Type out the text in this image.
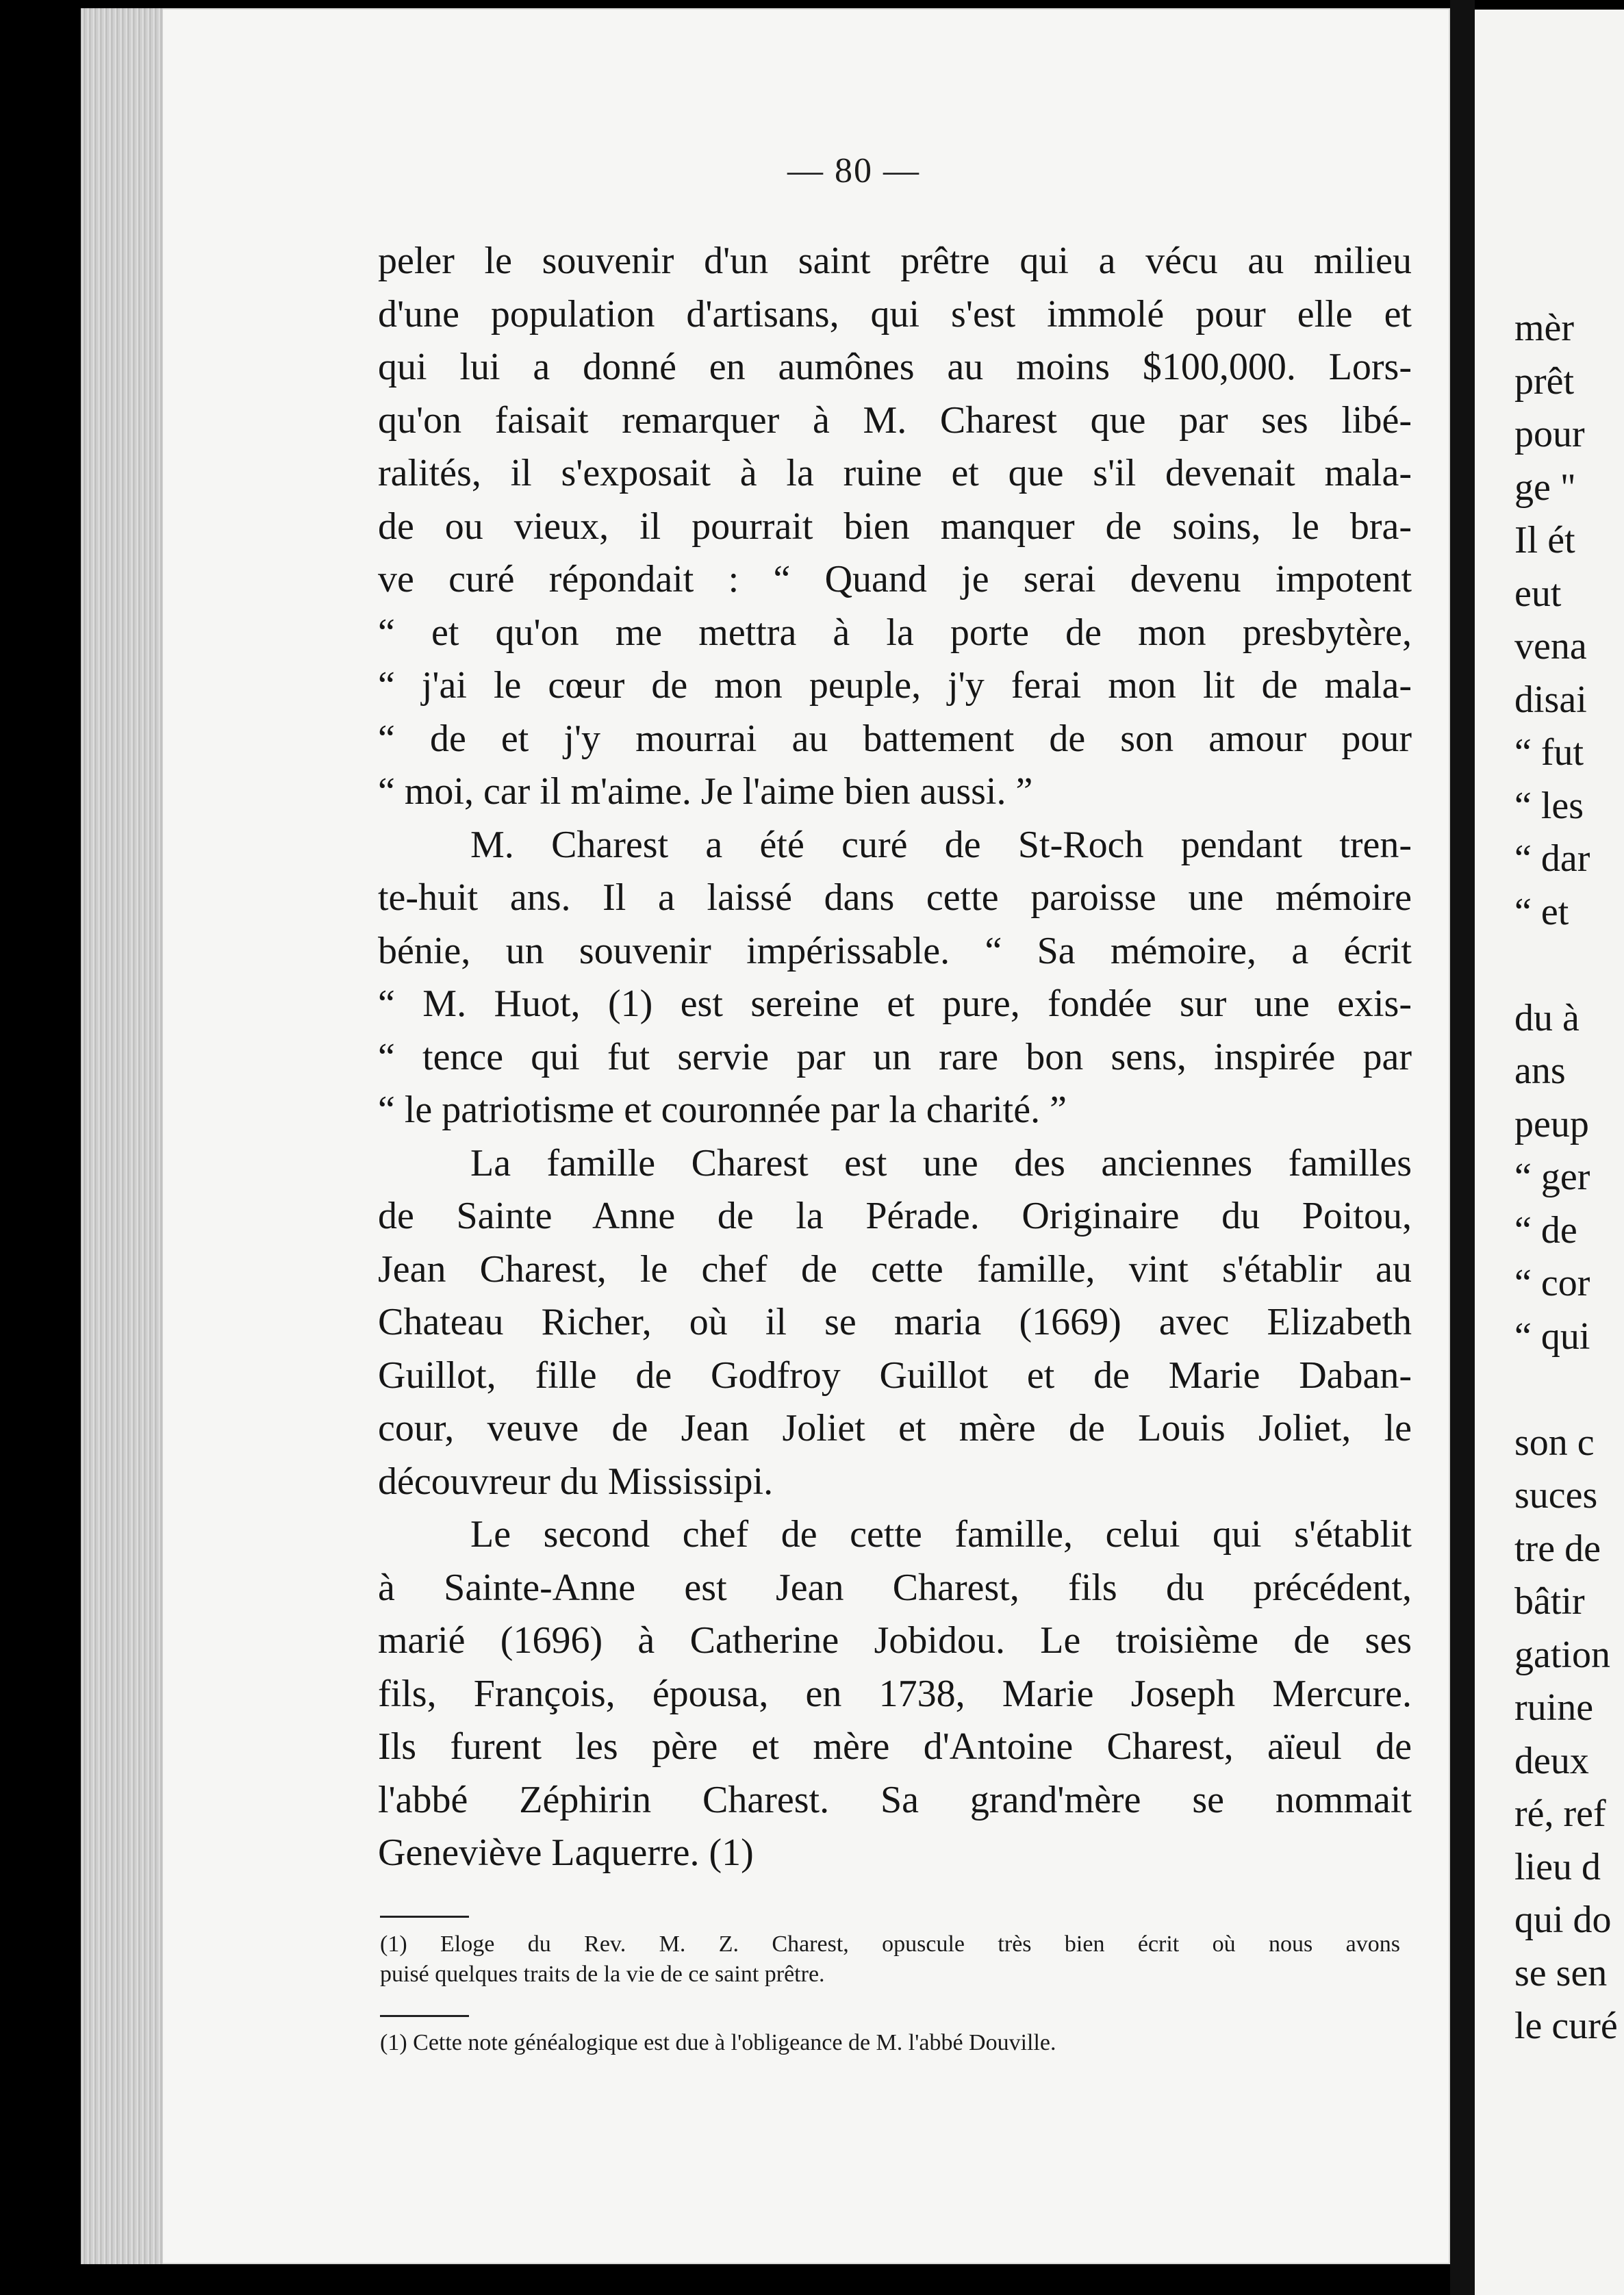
mèr
prêt
pour
ge "
Il ét
eut
vena
disai
“ fut
“ les
“ dar
“ et
du à
ans
peup
“ ger
“ de
“ cor
“ qui
son c
suces
tre de
bâtir
gation
ruine
deux
ré, ref
lieu d
qui do
se sen
le curé
— 80 —
peler le souvenir d'un saint prêtre qui a vécu au milieu
d'une population d'artisans, qui s'est immolé pour elle et
qui lui a donné en aumônes au moins $100,000. Lors-
qu'on faisait remarquer à M. Charest que par ses libé-
ralités, il s'exposait à la ruine et que s'il devenait mala-
de ou vieux, il pourrait bien manquer de soins, le bra-
ve curé répondait : “ Quand je serai devenu impotent
“ et qu'on me mettra à la porte de mon presbytère,
“ j'ai le cœur de mon peuple, j'y ferai mon lit de mala-
“ de et j'y mourrai au battement de son amour pour
“ moi, car il m'aime. Je l'aime bien aussi. ”
M. Charest a été curé de St-Roch pendant tren-
te-huit ans. Il a laissé dans cette paroisse une mémoire
bénie, un souvenir impérissable. “ Sa mémoire, a écrit
“ M. Huot, (1) est sereine et pure, fondée sur une exis-
“ tence qui fut servie par un rare bon sens, inspirée par
“ le patriotisme et couronnée par la charité. ”
La famille Charest est une des anciennes familles
de Sainte Anne de la Pérade. Originaire du Poitou,
Jean Charest, le chef de cette famille, vint s'établir au
Chateau Richer, où il se maria (1669) avec Elizabeth
Guillot, fille de Godfroy Guillot et de Marie Daban-
cour, veuve de Jean Joliet et mère de Louis Joliet, le
découvreur du Mississipi.
Le second chef de cette famille, celui qui s'établit
à Sainte-Anne est Jean Charest, fils du précédent,
marié (1696) à Catherine Jobidou. Le troisième de ses
fils, François, épousa, en 1738, Marie Joseph Mercure.
Ils furent les père et mère d'Antoine Charest, aïeul de
l'abbé Zéphirin Charest. Sa grand'mère se nommait
Geneviève Laquerre. (1)
(1) Eloge du Rev. M. Z. Charest, opuscule très bien écrit où nous avons
puisé quelques traits de la vie de ce saint prêtre.
(1) Cette note généalogique est due à l'obligeance de M. l'abbé Douville.
